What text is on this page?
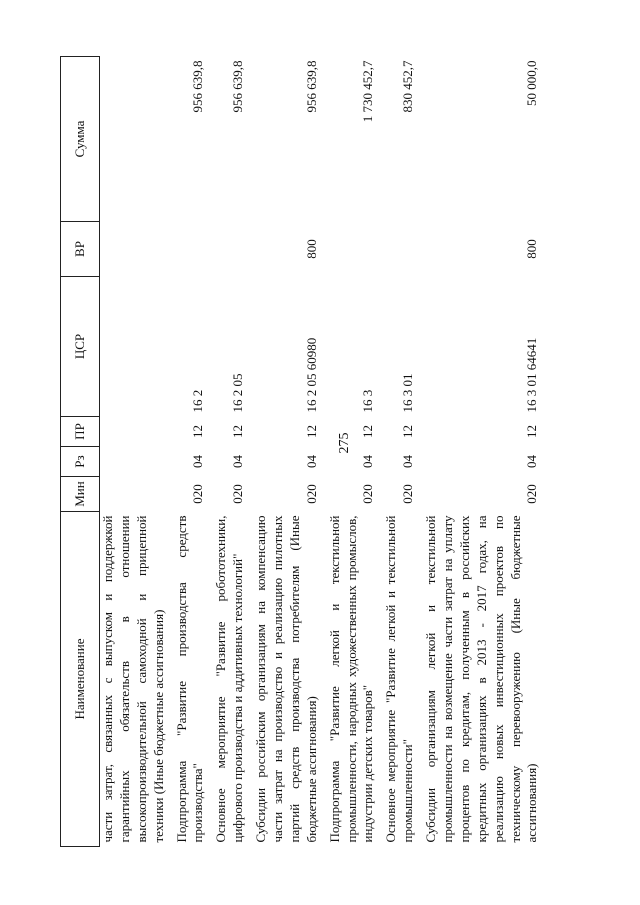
275
Наименование	Мин	Рз	ПР	ЦСР	ВР	Сумма
части затрат, связанных с выпуском и поддержкой гарантийных обязательств в отношении высокопроизводительной самоходной и прицепной техники (Иные бюджетные ассигнования)						
Подпрограмма "Развитие производства средств производства"	020	04	12	16 2		956 639,8
Основное мероприятие "Развитие робототехники, цифрового производства и аддитивных технологий"	020	04	12	16 2 05		956 639,8
Субсидии российским организациям на компенсацию части затрат на производство и реализацию пилотных партий средств производства потребителям (Иные бюджетные ассигнования)	020	04	12	16 2 05 60980	800	956 639,8
Подпрограмма "Развитие легкой и текстильной промышленности, народных художественных промыслов, индустрии детских товаров"	020	04	12	16 3		1 730 452,7
Основное мероприятие "Развитие легкой и текстильной промышленности"	020	04	12	16 3 01		830 452,7
Субсидии организациям легкой и текстильной промышленности на возмещение части затрат на уплату процентов по кредитам, полученным в российских кредитных организациях в 2013 - 2017 годах, на реализацию новых инвестиционных проектов по техническому перевооружению (Иные бюджетные ассигнования)	020	04	12	16 3 01 64641	800	50 000,0
